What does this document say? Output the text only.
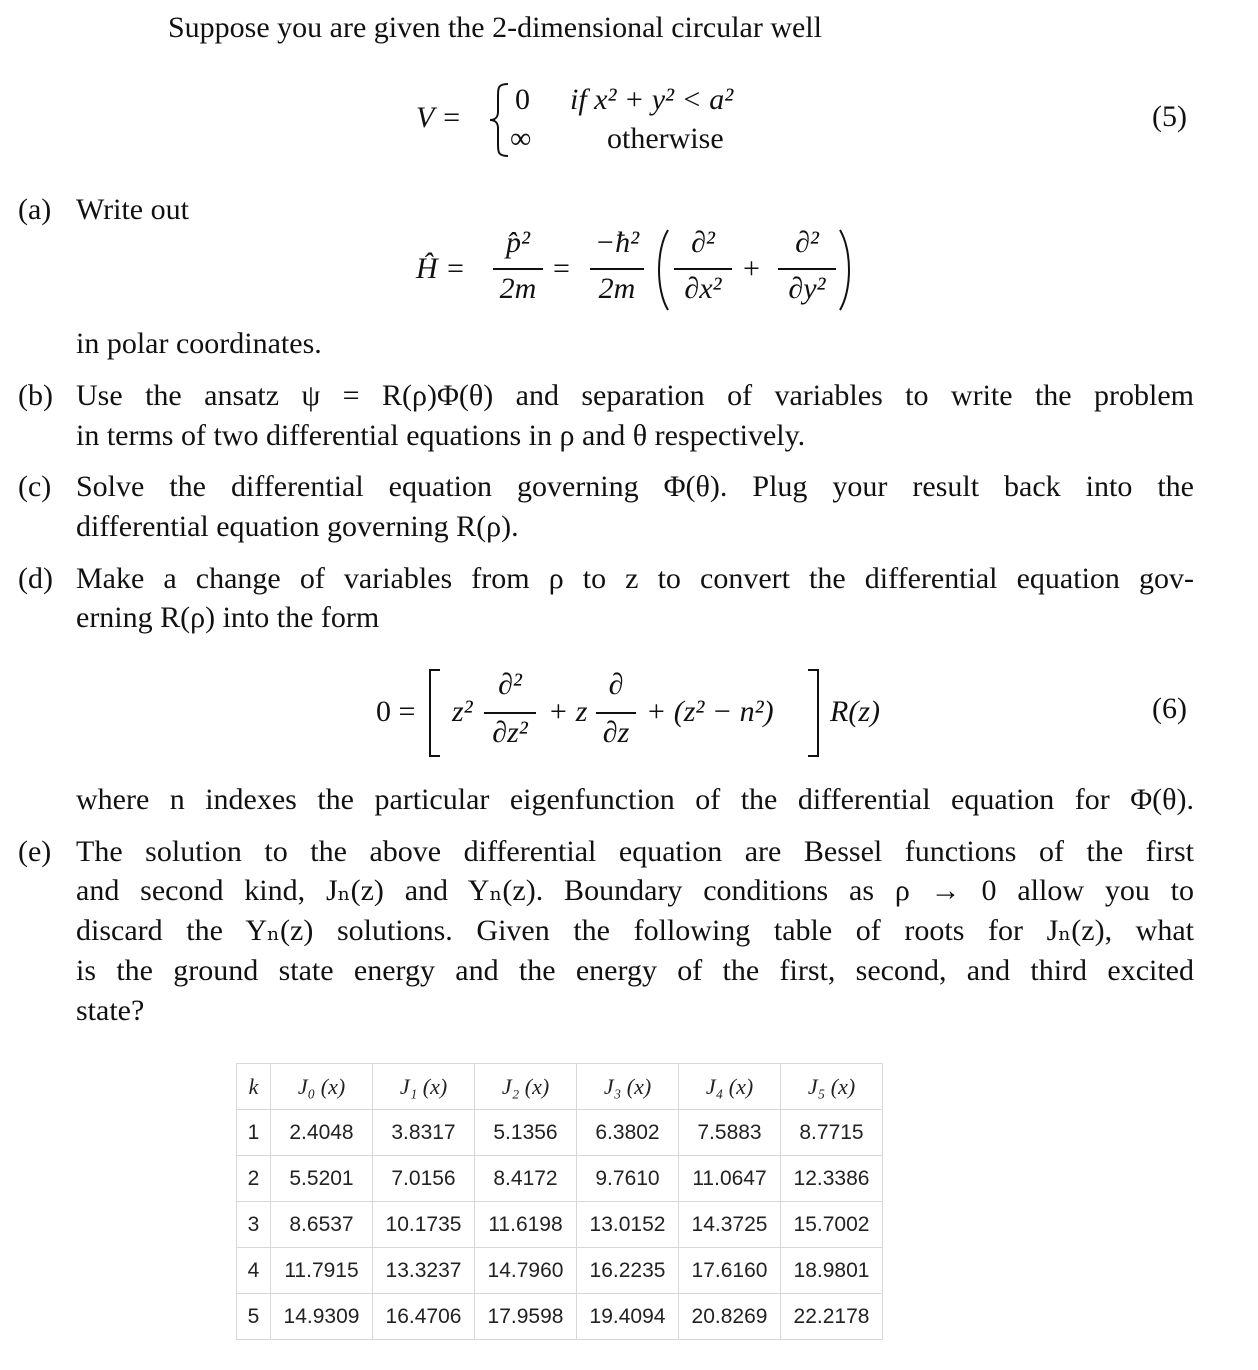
Suppose you are given the 2-dimensional circular well
V =
0 if x² + y² < a²
∞	otherwise
(5)
(a) Write out
Ĥ =
p̂²
2m
=
−ħ²
2m
∂²
∂x²
+
∂²
∂y²
in polar coordinates.
(b) Use the ansatz ψ = R(ρ)Φ(θ) and separation of variables to write the problem
in terms of two differential equations in ρ and θ respectively.
(c) Solve the differential equation governing Φ(θ). Plug your result back into the
differential equation governing R(ρ).
(d) Make a change of variables from ρ to z to convert the differential equation gov-
erning R(ρ) into the form
0 = z²
∂²
∂z²
+ z
∂
∂z
+ (z² − n²) R(z)	(6)
where n indexes the particular eigenfunction of the differential equation for Φ(θ).
(e) The solution to the above differential equation are Bessel functions of the first
and second kind, Jₙ(z) and Yₙ(z). Boundary conditions as ρ → 0 allow you to
discard the Yₙ(z) solutions. Given the following table of roots for Jₙ(z), what
is the ground state energy and the energy of the first, second, and third excited
state?
k	J₀ (x)	J₁ (x)	J₂ (x)	J₃ (x)	J₄ (x)	J₅ (x)
1	2.4048	3.8317	5.1356	6.3802	7.5883	8.7715
2	5.5201	7.0156	8.4172	9.7610	11.0647	12.3386
3	8.6537	10.1735	11.6198	13.0152	14.3725	15.7002
4	11.7915	13.3237	14.7960	16.2235	17.6160	18.9801
5	14.9309	16.4706	17.9598	19.4094	20.8269	22.2178
